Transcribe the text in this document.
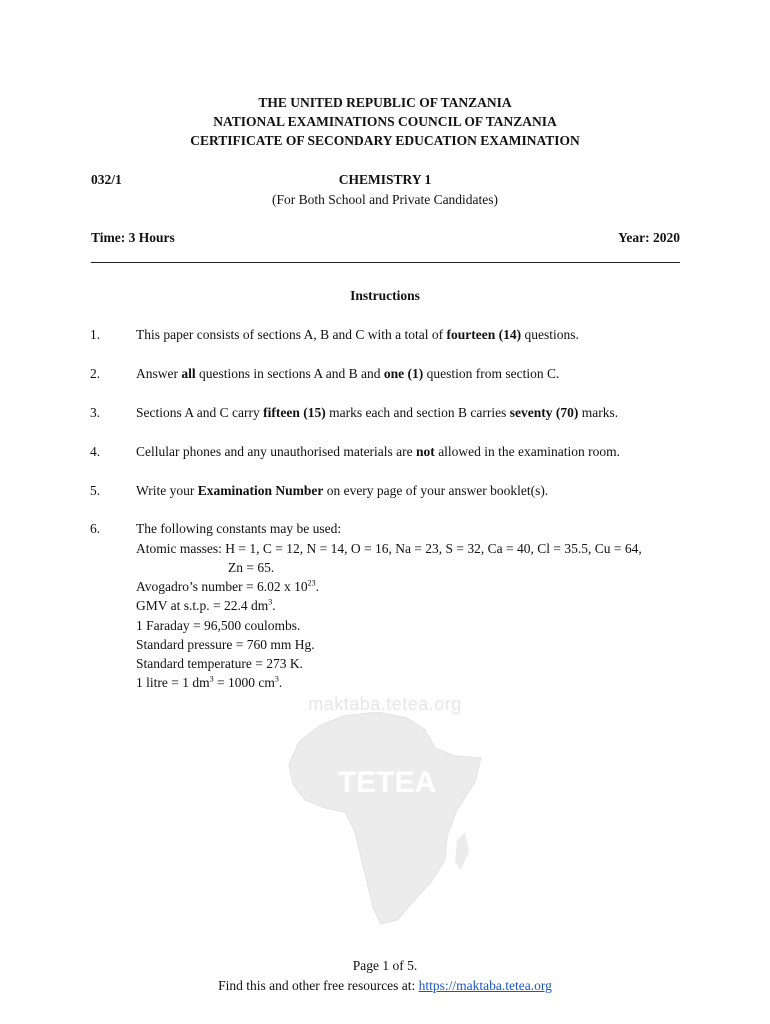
THE UNITED REPUBLIC OF TANZANIA
NATIONAL EXAMINATIONS COUNCIL OF TANZANIA
CERTIFICATE OF SECONDARY EDUCATION EXAMINATION
032/1	CHEMISTRY 1
(For Both School and Private Candidates)
Time: 3 Hours	Year: 2020
Instructions
1.	This paper consists of sections A, B and C with a total of fourteen (14) questions.
2.	Answer all questions in sections A and B and one (1) question from section C.
3.	Sections A and C carry fifteen (15) marks each and section B carries seventy (70) marks.
4.	Cellular phones and any unauthorised materials are not allowed in the examination room.
5.	Write your Examination Number on every page of your answer booklet(s).
6.	The following constants may be used:
Atomic masses: H = 1, C = 12, N = 14, O = 16, Na = 23, S = 32, Ca = 40, Cl = 35.5, Cu = 64,
Zn = 65.
Avogadro’s number = 6.02 x $10^{23}$.
GMV at s.t.p. = 22.4 $dm^3$.
1 Faraday = 96,500 coulombs.
Standard pressure = 760 mm Hg.
Standard temperature = 273 K.
1 litre = 1 $dm^3 = 1000$ $cm^3$.
maktaba.tetea.org
TETEA
Page 1 of 5.
Find this and other free resources at: https://maktaba.tetea.org
